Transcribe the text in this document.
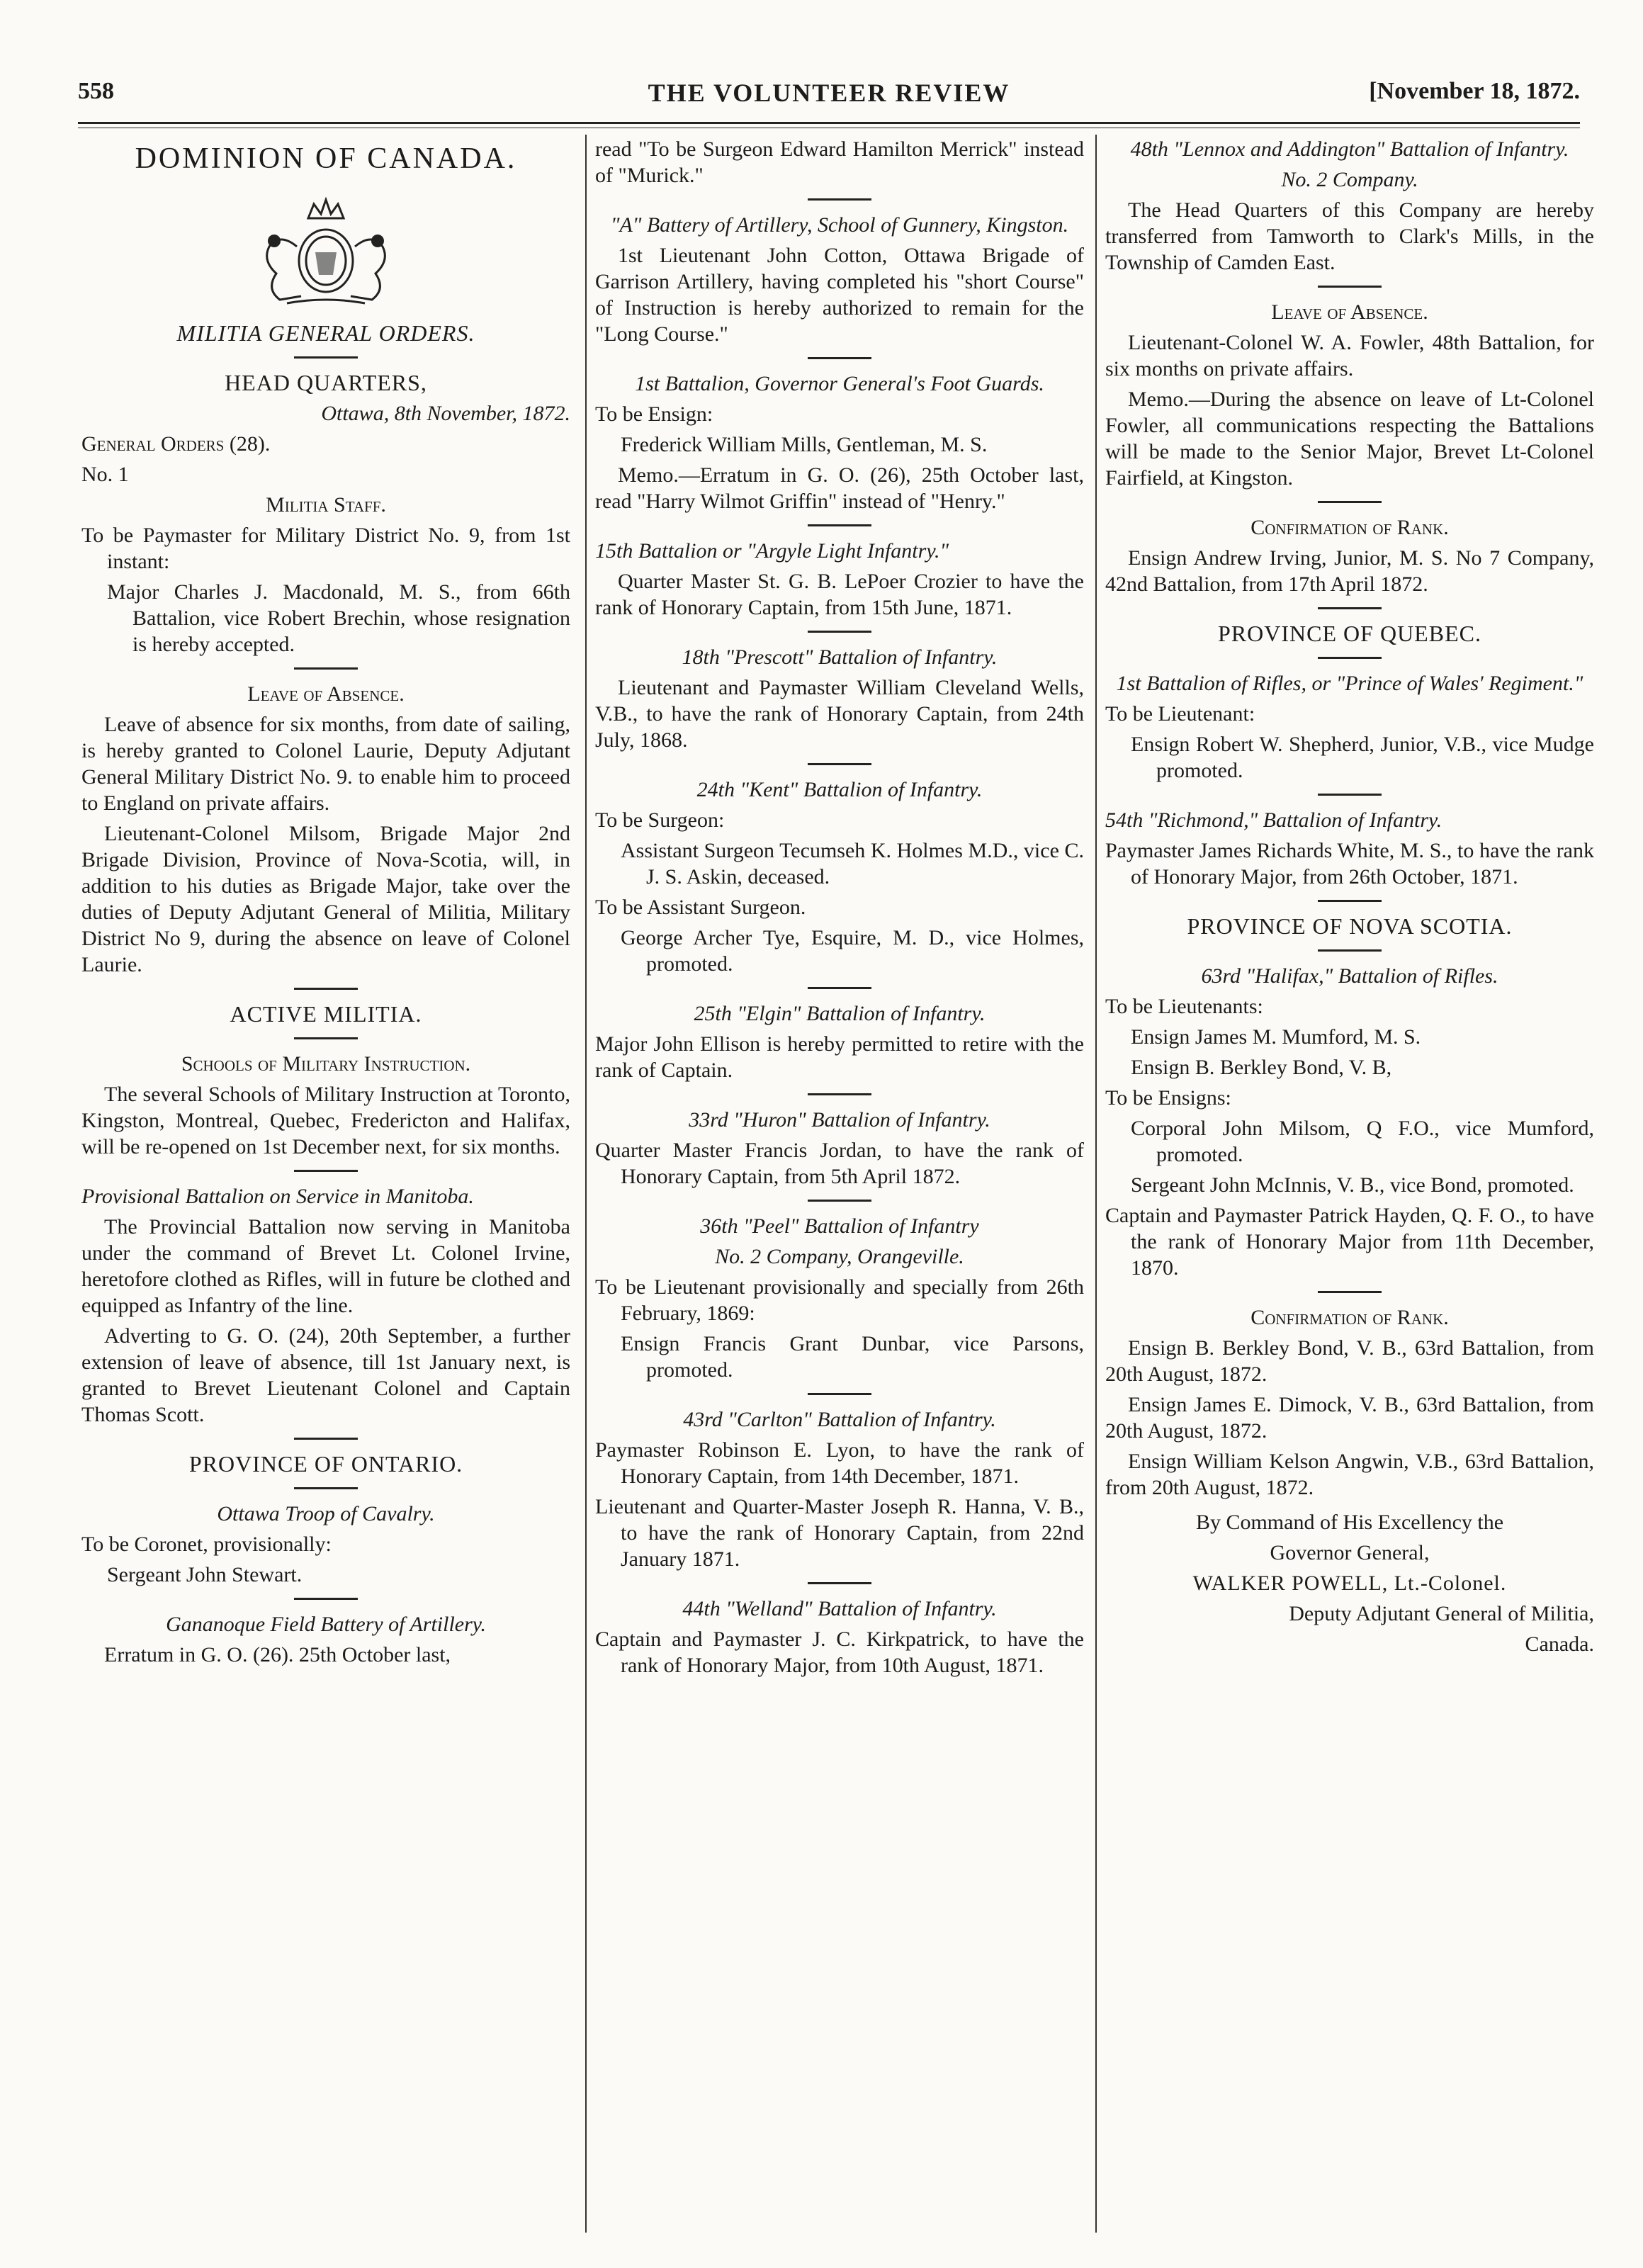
558	THE VOLUNTEER REVIEW	[November 18, 1872.
DOMINION OF CANADA.

MILITIA GENERAL ORDERS.

HEAD QUARTERS,

Ottawa, 8th November, 1872.

General Orders (28).

No. 1

Militia Staff.

To be Paymaster for Military District No. 9, from 1st instant:

Major Charles J. Macdonald, M. S., from 66th Battalion, vice Robert Brechin, whose resignation is hereby accepted.

Leave of Absence.

Leave of absence for six months, from date of sailing, is hereby granted to Colonel Laurie, Deputy Adjutant General Military District No. 9. to enable him to proceed to England on private affairs.

Lieutenant-Colonel Milsom, Brigade Major 2nd Brigade Division, Province of Nova-Scotia, will, in addition to his duties as Brigade Major, take over the duties of Deputy Adjutant General of Militia, Military District No 9, during the absence on leave of Colonel Laurie.

ACTIVE MILITIA.

Schools of Military Instruction.

The several Schools of Military Instruction at Toronto, Kingston, Montreal, Quebec, Fredericton and Halifax, will be re-opened on 1st December next, for six months.

Provisional Battalion on Service in Manitoba.

The Provincial Battalion now serving in Manitoba under the command of Brevet Lt. Colonel Irvine, heretofore clothed as Rifles, will in future be clothed and equipped as Infantry of the line.

Adverting to G. O. (24), 20th September, a further extension of leave of absence, till 1st January next, is granted to Brevet Lieutenant Colonel and Captain Thomas Scott.

PROVINCE OF ONTARIO.

Ottawa Troop of Cavalry.

To be Coronet, provisionally:

Sergeant John Stewart.

Gananoque Field Battery of Artillery.

Erratum in G. O. (26). 25th October last,

read "To be Surgeon Edward Hamilton Merrick" instead of "Murick."

"A" Battery of Artillery, School of Gunnery, Kingston.

1st Lieutenant John Cotton, Ottawa Brigade of Garrison Artillery, having completed his "short Course" of Instruction is hereby authorized to remain for the "Long Course."

1st Battalion, Governor General's Foot Guards.

To be Ensign:

Frederick William Mills, Gentleman, M. S.

Memo.—Erratum in G. O. (26), 25th October last, read "Harry Wilmot Griffin" instead of "Henry."

15th Battalion or "Argyle Light Infantry."

Quarter Master St. G. B. LePoer Crozier to have the rank of Honorary Captain, from 15th June, 1871.

18th "Prescott" Battalion of Infantry.

Lieutenant and Paymaster William Cleveland Wells, V.B., to have the rank of Honorary Captain, from 24th July, 1868.

24th "Kent" Battalion of Infantry.

To be Surgeon:

Assistant Surgeon Tecumseh K. Holmes M.D., vice C. J. S. Askin, deceased.

To be Assistant Surgeon.

George Archer Tye, Esquire, M. D., vice Holmes, promoted.

25th "Elgin" Battalion of Infantry.

Major John Ellison is hereby permitted to retire with the rank of Captain.

33rd "Huron" Battalion of Infantry.

Quarter Master Francis Jordan, to have the rank of Honorary Captain, from 5th April 1872.

36th "Peel" Battalion of Infantry

No. 2 Company, Orangeville.

To be Lieutenant provisionally and specially from 26th February, 1869:

Ensign Francis Grant Dunbar, vice Parsons, promoted.

43rd "Carlton" Battalion of Infantry.

Paymaster Robinson E. Lyon, to have the rank of Honorary Captain, from 14th December, 1871.

Lieutenant and Quarter-Master Joseph R. Hanna, V. B., to have the rank of Honorary Captain, from 22nd January 1871.

44th "Welland" Battalion of Infantry.

Captain and Paymaster J. C. Kirkpatrick, to have the rank of Honorary Major, from 10th August, 1871.

48th "Lennox and Addington" Battalion of Infantry.

No. 2 Company.

The Head Quarters of this Company are hereby transferred from Tamworth to Clark's Mills, in the Township of Camden East.

Leave of Absence.

Lieutenant-Colonel W. A. Fowler, 48th Battalion, for six months on private affairs.

Memo.—During the absence on leave of Lt-Colonel Fowler, all communications respecting the Battalions will be made to the Senior Major, Brevet Lt-Colonel Fairfield, at Kingston.

Confirmation of Rank.

Ensign Andrew Irving, Junior, M. S. No 7 Company, 42nd Battalion, from 17th April 1872.

PROVINCE OF QUEBEC.

1st Battalion of Rifles, or "Prince of Wales' Regiment."

To be Lieutenant:

Ensign Robert W. Shepherd, Junior, V.B., vice Mudge promoted.

54th "Richmond," Battalion of Infantry.

Paymaster James Richards White, M. S., to have the rank of Honorary Major, from 26th October, 1871.

PROVINCE OF NOVA SCOTIA.

63rd "Halifax," Battalion of Rifles.

To be Lieutenants:

Ensign James M. Mumford, M. S.

Ensign B. Berkley Bond, V. B,

To be Ensigns:

Corporal John Milsom, Q F.O., vice Mumford, promoted.

Sergeant John McInnis, V. B., vice Bond, promoted.

Captain and Paymaster Patrick Hayden, Q. F. O., to have the rank of Honorary Major from 11th December, 1870.

Confirmation of Rank.

Ensign B. Berkley Bond, V. B., 63rd Battalion, from 20th August, 1872.

Ensign James E. Dimock, V. B., 63rd Battalion, from 20th August, 1872.

Ensign William Kelson Angwin, V.B., 63rd Battalion, from 20th August, 1872.

By Command of His Excellency the

Governor General,

WALKER POWELL, Lt.-Colonel.

Deputy Adjutant General of Militia,

Canada.
